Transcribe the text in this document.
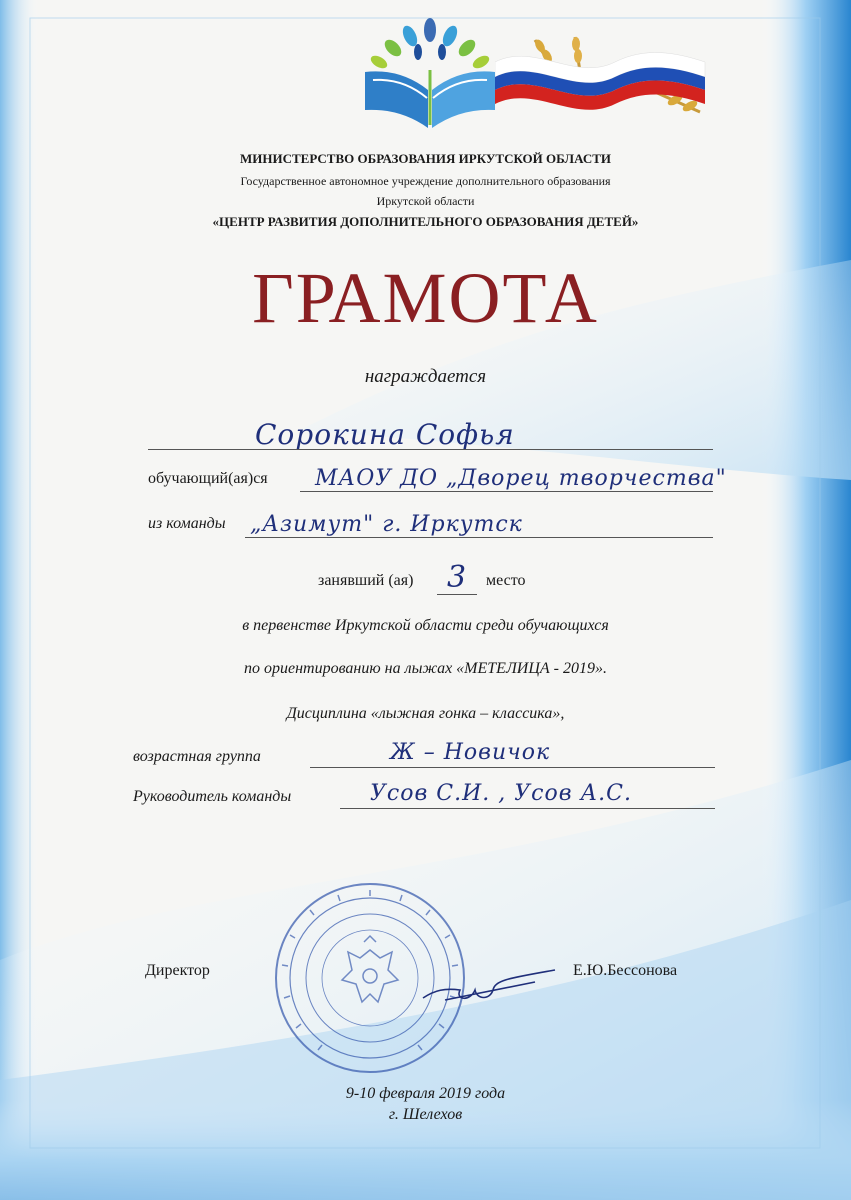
МИНИСТЕРСТВО ОБРАЗОВАНИЯ ИРКУТСКОЙ ОБЛАСТИ
Государственное автономное учреждение дополнительного образования
Иркутской области
«ЦЕНТР РАЗВИТИЯ ДОПОЛНИТЕЛЬНОГО ОБРАЗОВАНИЯ ДЕТЕЙ»
ГРАМОТА
награждается
Сорокина Софья
обучающий(ая)ся МАОУ ДО „Дворец творчества"
из команды „Азимут" г. Иркутск
занявший (ая) 3 место
в первенстве Иркутской области среди обучающихся
по ориентированию на лыжах «МЕТЕЛИЦА - 2019».
Дисциплина «лыжная гонка – классика»,
возрастная группа	Ж – Новичок
Руководитель команды	Усов С.И. , Усов А.С.
Директор	Е.Ю.Бессонова
9-10 февраля 2019 года
г. Шелехов
